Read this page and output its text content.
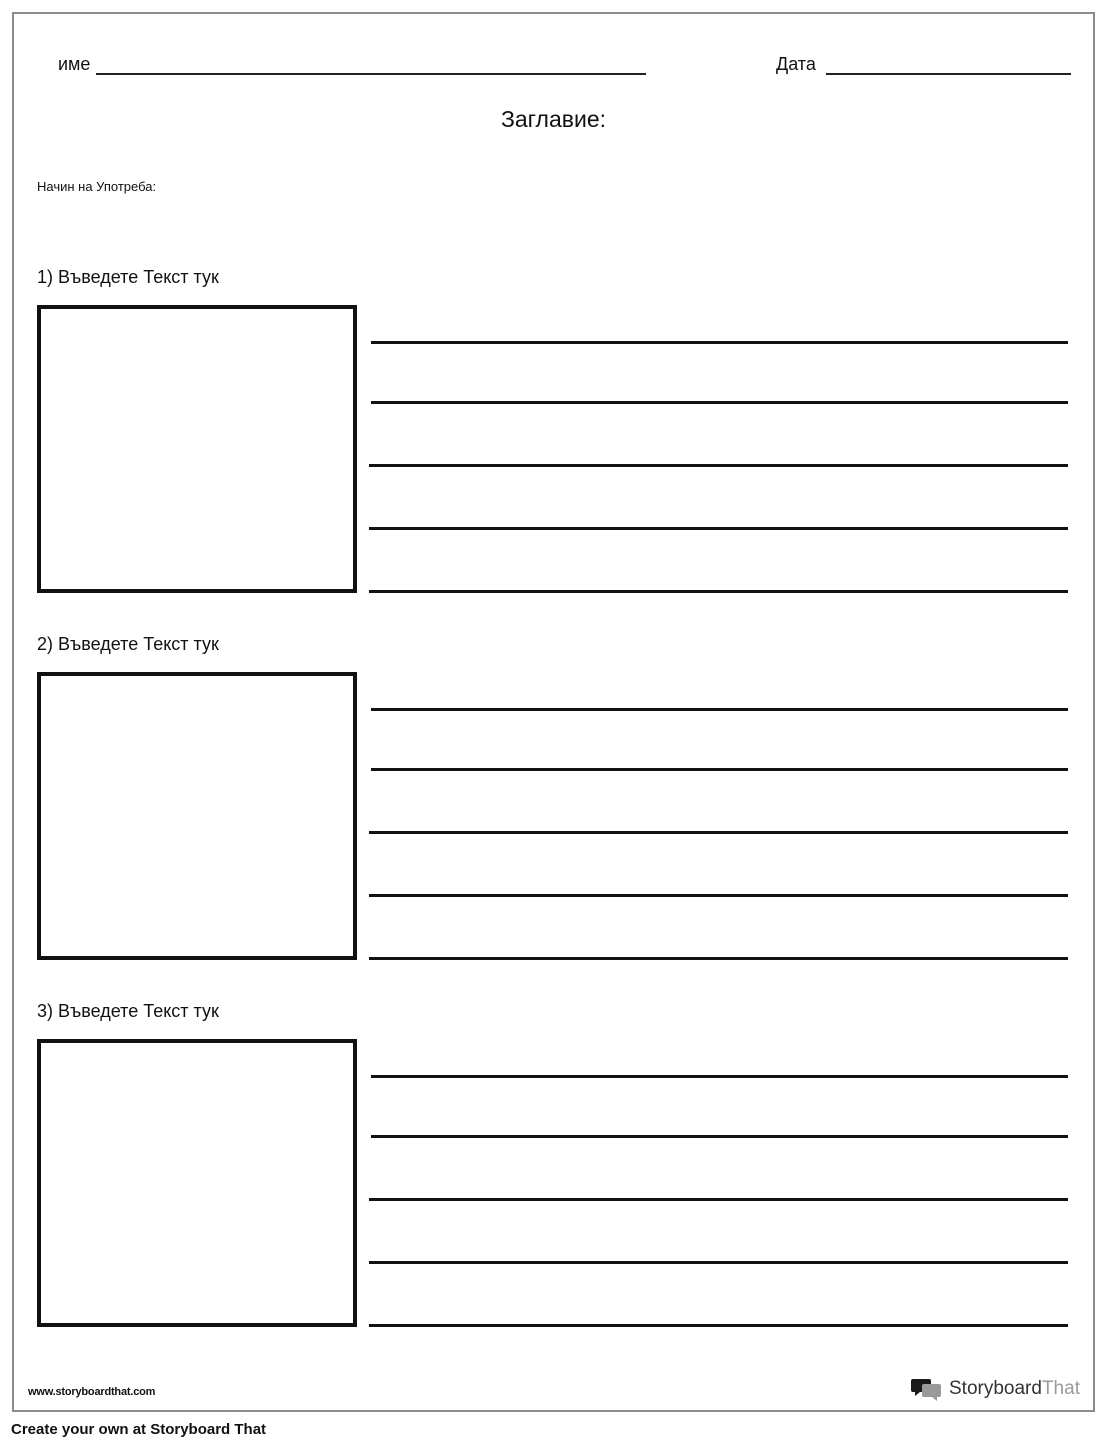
име	Дата
Заглавие:
Начин на Употреба:
1) Въведете Текст тук
2) Въведете Текст тук
3) Въведете Текст тук
www.storyboardthat.com	StoryboardThat
Create your own at Storyboard That
